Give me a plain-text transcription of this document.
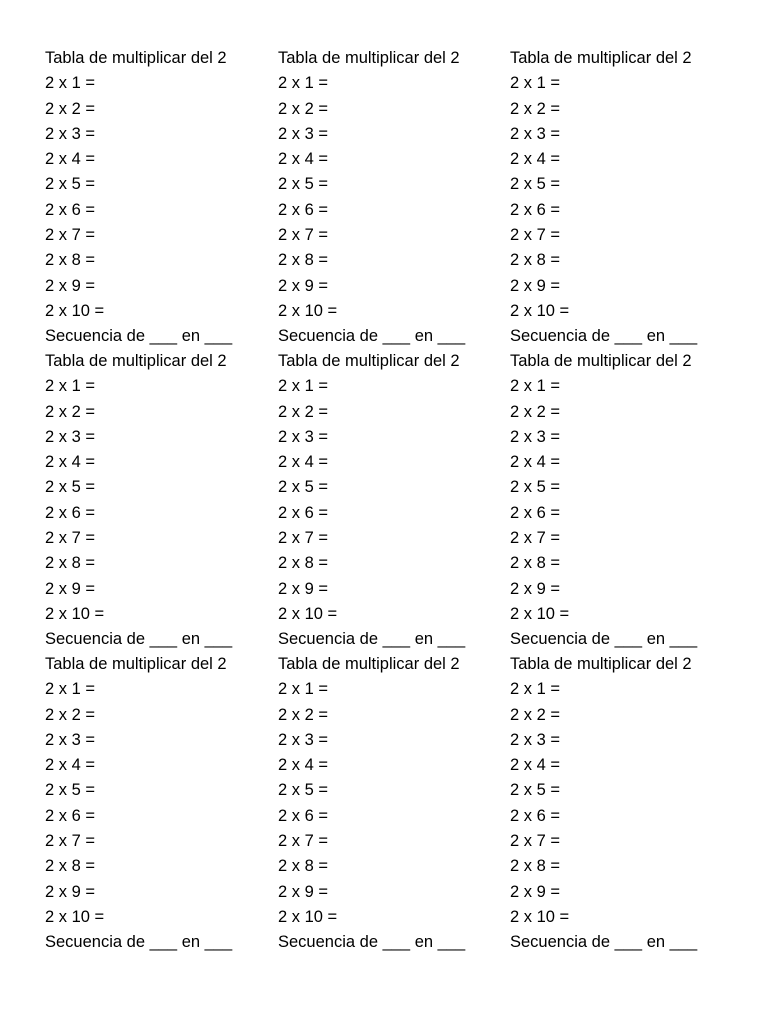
Tabla de multiplicar del 2
2 x 1 =
2 x 2 =
2 x 3 =
2 x 4 =
2 x 5 =
2 x 6 =
2 x 7 =
2 x 8 =
2 x 9 =
2 x 10 =
Secuencia de ___ en ___
Tabla de multiplicar del 2
2 x 1 =
2 x 2 =
2 x 3 =
2 x 4 =
2 x 5 =
2 x 6 =
2 x 7 =
2 x 8 =
2 x 9 =
2 x 10 =
Secuencia de ___ en ___
Tabla de multiplicar del 2
2 x 1 =
2 x 2 =
2 x 3 =
2 x 4 =
2 x 5 =
2 x 6 =
2 x 7 =
2 x 8 =
2 x 9 =
2 x 10 =
Secuencia de ___ en ___
Tabla de multiplicar del 2
2 x 1 =
2 x 2 =
2 x 3 =
2 x 4 =
2 x 5 =
2 x 6 =
2 x 7 =
2 x 8 =
2 x 9 =
2 x 10 =
Secuencia de ___ en ___
Tabla de multiplicar del 2
2 x 1 =
2 x 2 =
2 x 3 =
2 x 4 =
2 x 5 =
2 x 6 =
2 x 7 =
2 x 8 =
2 x 9 =
2 x 10 =
Secuencia de ___ en ___
Tabla de multiplicar del 2
2 x 1 =
2 x 2 =
2 x 3 =
2 x 4 =
2 x 5 =
2 x 6 =
2 x 7 =
2 x 8 =
2 x 9 =
2 x 10 =
Secuencia de ___ en ___
Tabla de multiplicar del 2
2 x 1 =
2 x 2 =
2 x 3 =
2 x 4 =
2 x 5 =
2 x 6 =
2 x 7 =
2 x 8 =
2 x 9 =
2 x 10 =
Secuencia de ___ en ___
Tabla de multiplicar del 2
2 x 1 =
2 x 2 =
2 x 3 =
2 x 4 =
2 x 5 =
2 x 6 =
2 x 7 =
2 x 8 =
2 x 9 =
2 x 10 =
Secuencia de ___ en ___
Tabla de multiplicar del 2
2 x 1 =
2 x 2 =
2 x 3 =
2 x 4 =
2 x 5 =
2 x 6 =
2 x 7 =
2 x 8 =
2 x 9 =
2 x 10 =
Secuencia de ___ en ___
